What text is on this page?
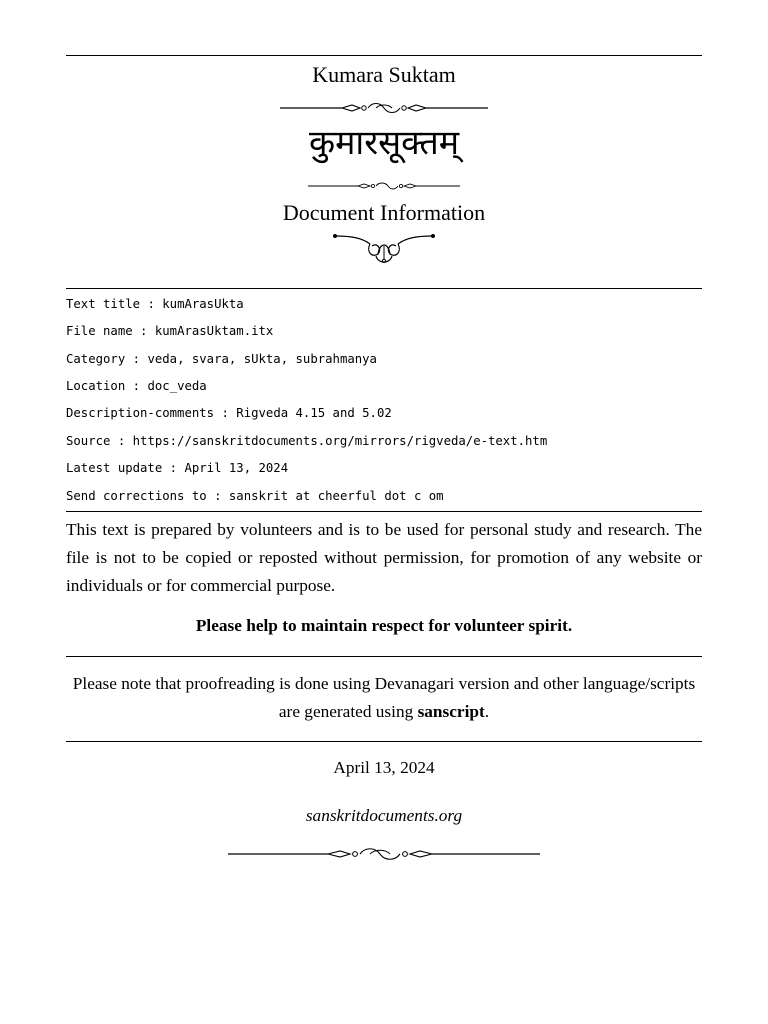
Kumara Suktam
कुमारसूक्तम्
Document Information
Text title : kumArasUkta
File name : kumArasUktam.itx
Category : veda, svara, sUkta, subrahmanya
Location : doc_veda
Description-comments : Rigveda 4.15 and 5.02
Source : https://sanskritdocuments.org/mirrors/rigveda/e-text.htm
Latest update : April 13, 2024
Send corrections to : sanskrit at cheerful dot c om
This text is prepared by volunteers and is to be used for personal study and research. The file is not to be copied or reposted without permission, for promotion of any website or individuals or for commercial purpose.
Please help to maintain respect for volunteer spirit.
Please note that proofreading is done using Devanagari version and other language/scripts are generated using sanscript.
April 13, 2024
sanskritdocuments.org
